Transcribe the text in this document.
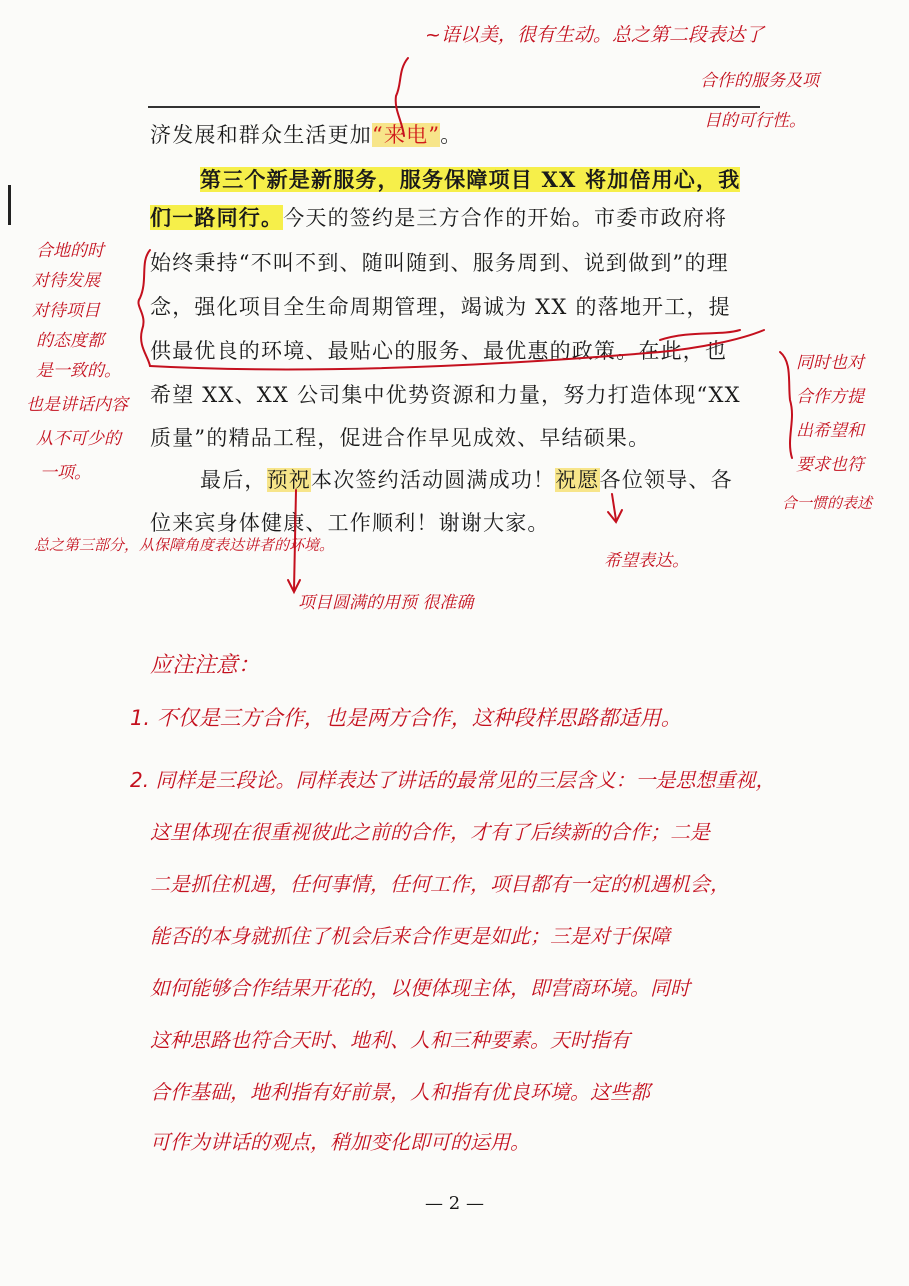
~语以美，很有生动。总之第二段表达了
合作的服务及项
目的可行性。
济发展和群众生活更加“来电”。
第三个新是新服务，服务保障项目 XX 将加倍用心，我
们一路同行。今天的签约是三方合作的开始。市委市政府将
始终秉持“不叫不到、随叫随到、服务周到、说到做到”的理
念，强化项目全生命周期管理，竭诚为 XX 的落地开工，提
供最优良的环境、最贴心的服务、最优惠的政策。在此，也
希望 XX、XX 公司集中优势资源和力量，努力打造体现“XX
质量”的精品工程，促进合作早见成效、早结硕果。
最后，预祝本次签约活动圆满成功！祝愿各位领导、各
位来宾身体健康、工作顺利！谢谢大家。
合地的时
对待发展
对待项目
的态度都
是一致的。
也是讲话内容
从不可少的
一项。
同时也对
合作方提
出希望和
要求也符
合一惯的表述
总之第三部分，从保障角度表达讲者的环境。
项目圆满的用预 很准确
希望表达。
应注注意：
1. 不仅是三方合作，也是两方合作，这种段样思路都适用。
2. 同样是三段论。同样表达了讲话的最常见的三层含义：一是思想重视，
这里体现在很重视彼此之前的合作，才有了后续新的合作；二是
二是抓住机遇，任何事情，任何工作，项目都有一定的机遇机会，
能否的本身就抓住了机会后来合作更是如此；三是对于保障
如何能够合作结果开花的，以便体现主体，即营商环境。同时
这种思路也符合天时、地利、人和三种要素。天时指有
合作基础，地利指有好前景，人和指有优良环境。这些都
可作为讲话的观点，稍加变化即可的运用。
— 2 —
